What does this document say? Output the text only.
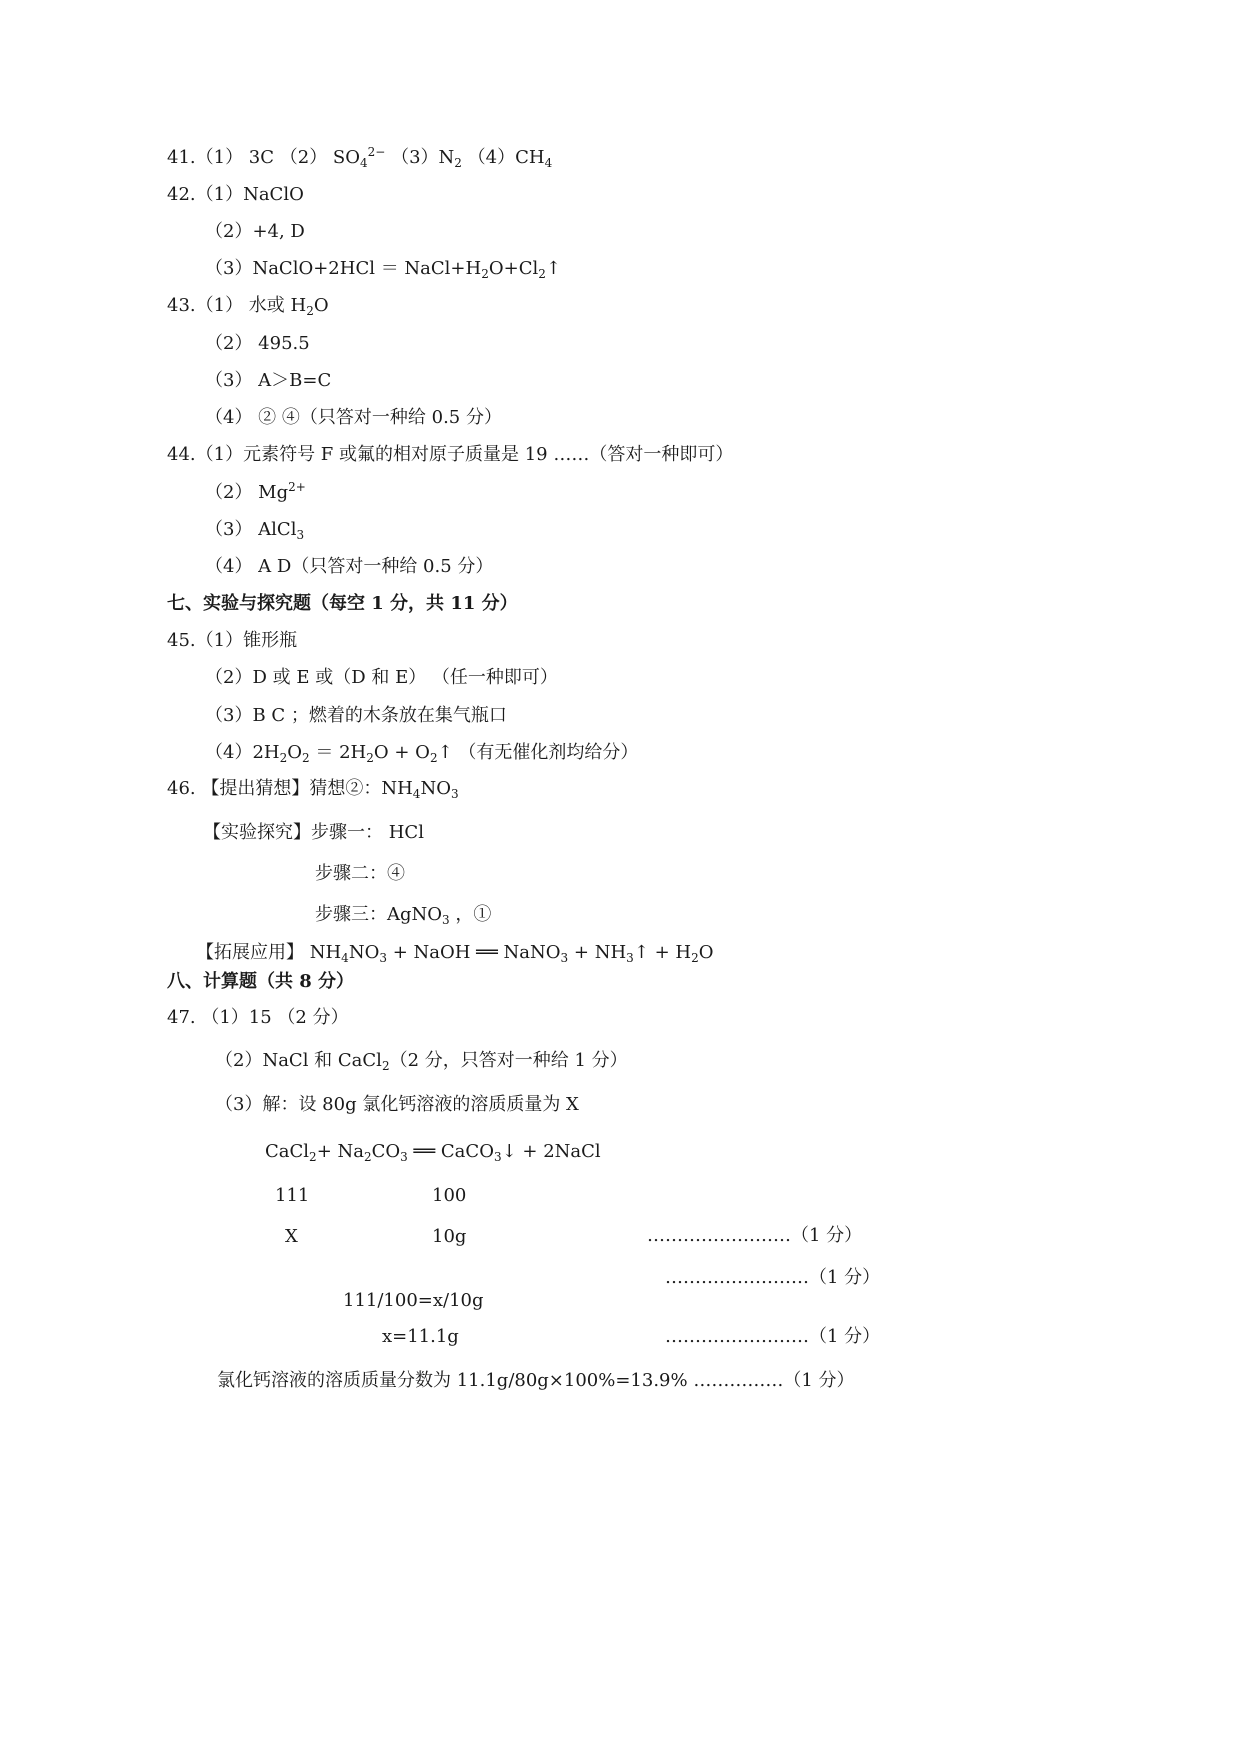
41.（1） 3C （2） $SO_4^{2-}$ $(3)N_2$ $(4)CH_4$
42.（1）NaClO
（2）+4, D
（3）NaClO+2HCl ＝ $NaCl+H_2O+Cl_2↑$
43.（1） 水或 $H_2O$
（2） 495.5
（3） A＞B=C
（4） ② ④（只答对一种给 0.5 分）
44.（1）元素符号 F 或氟的相对原子质量是 19 ……（答对一种即可）
（2） $Mg^{2+}$
（3） AlCl$_3$
（4） A D（只答对一种给 0.5 分）
七、实验与探究题（每空 1 分，共 11 分）
45.（1）锥形瓶
（2）D 或 E 或（D 和 E） （任一种即可）
（3）B C ；燃着的木条放在集气瓶口
$(4)2H_2O_2 = 2H_2O$ + $O_2↑$ （有无催化剂均给分）
46. 【提出猜想】猜想②：$NH_4NO_3$
【实验探究】步骤一： HCl
步骤二：④
步骤三：AgNO$_3$ ，①
【拓展应用】 $NH_4NO_3$ + NaOH ══ NaNO$_3$ + $NH_3↑ + H_2O$
八、计算题（共 8 分）
47. （1）15 （2 分）
（2）NaCl 和 CaCl$_2$（2 分，只答对一种给 1 分）
（3）解：设 80g 氯化钙溶液的溶质质量为 X
CaCl$_2$+ $Na_2CO_3$ ══ CaCO$_3$↓ + 2NaCl
111	100
X	10g	……………………（1 分）
……………………（1 分）
111/100=x/10g
x=11.1g	……………………（1 分）
氯化钙溶液的溶质质量分数为 11.1g/80g×100%=13.9% ……………（1 分）
